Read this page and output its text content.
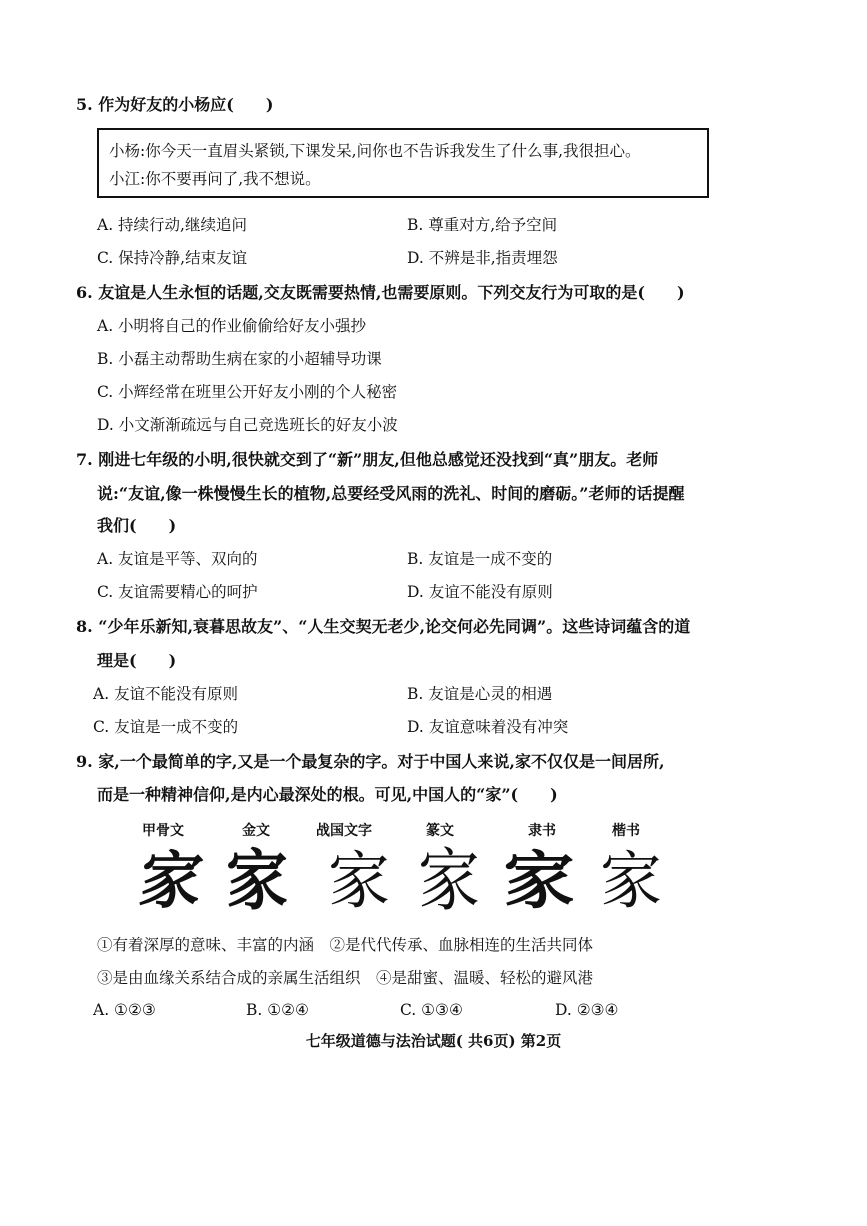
5. 作为好友的小杨应(　　)
小杨:你今天一直眉头紧锁,下课发呆,问你也不告诉我发生了什么事,我很担心。
小江:你不要再问了,我不想说。
A. 持续行动,继续追问	B. 尊重对方,给予空间
C. 保持冷静,结束友谊	D. 不辨是非,指责埋怨
6. 友谊是人生永恒的话题,交友既需要热情,也需要原则。下列交友行为可取的是(　　)
A. 小明将自己的作业偷偷给好友小强抄
B. 小磊主动帮助生病在家的小超辅导功课
C. 小辉经常在班里公开好友小刚的个人秘密
D. 小文渐渐疏远与自己竞选班长的好友小波
7. 刚进七年级的小明,很快就交到了“新”朋友,但他总感觉还没找到“真”朋友。老师
说:“友谊,像一株慢慢生长的植物,总要经受风雨的洗礼、时间的磨砺。”老师的话提醒
我们(　　)
A. 友谊是平等、双向的	B. 友谊是一成不变的
C. 友谊需要精心的呵护	D. 友谊不能没有原则
8. “少年乐新知,衰暮思故友”、“人生交契无老少,论交何必先同调”。这些诗词蕴含的道
理是(　　)
A. 友谊不能没有原则	B. 友谊是心灵的相遇
C. 友谊是一成不变的	D. 友谊意味着没有冲突
9. 家,一个最简单的字,又是一个最复杂的字。对于中国人来说,家不仅仅是一间居所,
而是一种精神信仰,是内心最深处的根。可见,中国人的“家”(　　)
甲骨文	金文	战国文字	篆文	隶书	楷书
家 家 家 家 家 家
①有着深厚的意味、丰富的内涵　②是代代传承、血脉相连的生活共同体
③是由血缘关系结合成的亲属生活组织　④是甜蜜、温暖、轻松的避风港
A. ①②③	B. ①②④	C. ①③④	D. ②③④
七年级道德与法治试题( 共6页) 第2页
